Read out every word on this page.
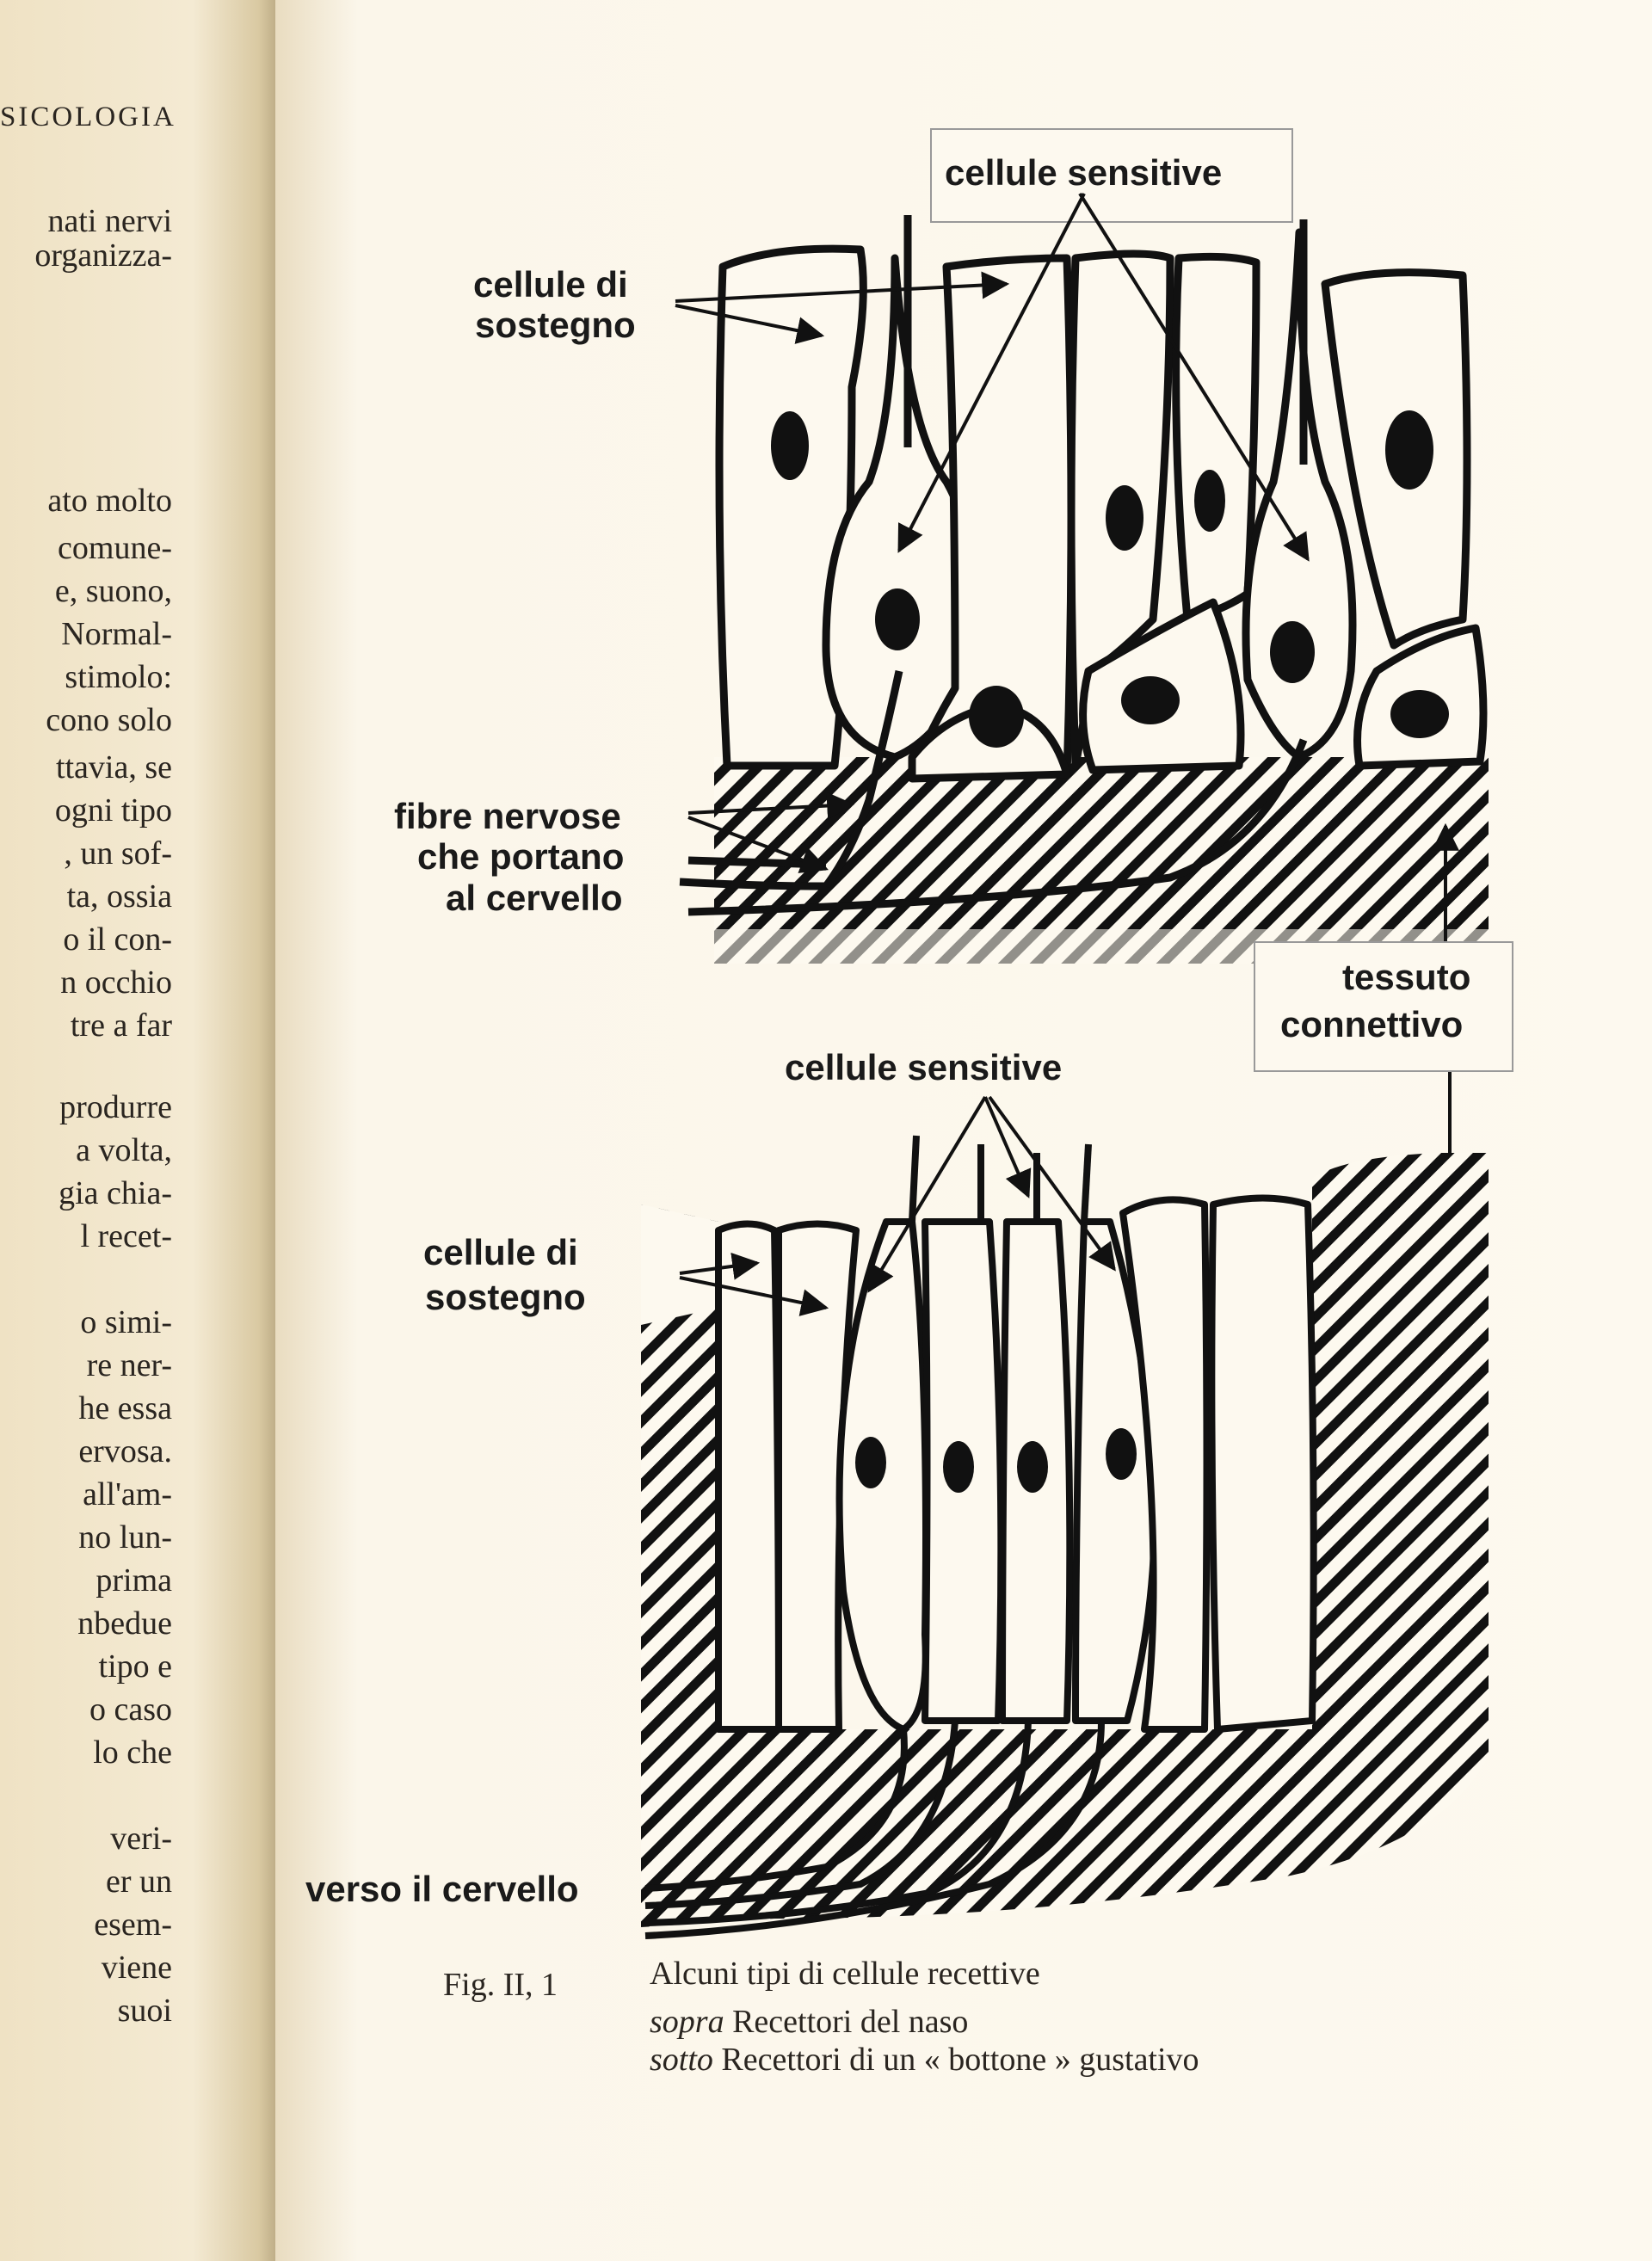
SICOLOGIA

nati nervi

organizza-

ato molto

comune-

e, suono,

Normal-

stimolo:

cono solo

ttavia, se

ogni tipo

, un sof-

ta, ossia

o il con-

n occhio

tre a far

produrre

a volta,

gia chia-

l recet-

o simi-

re ner-

he essa

ervosa.

all'am-

no lun-

prima

nbedue

tipo e

o caso

lo che

veri-

er un

esem-

viene

suoi

cellule sensitive
cellule di
sostegno
fibre nervose
che portano
al cervello
tessuto
connettivo
cellule sensitive
cellule di
sostegno
verso il cervello
Fig. II, 1	Alcuni tipi di cellule recettive
sopra Recettori del naso
sotto Recettori di un « bottone » gustativo
